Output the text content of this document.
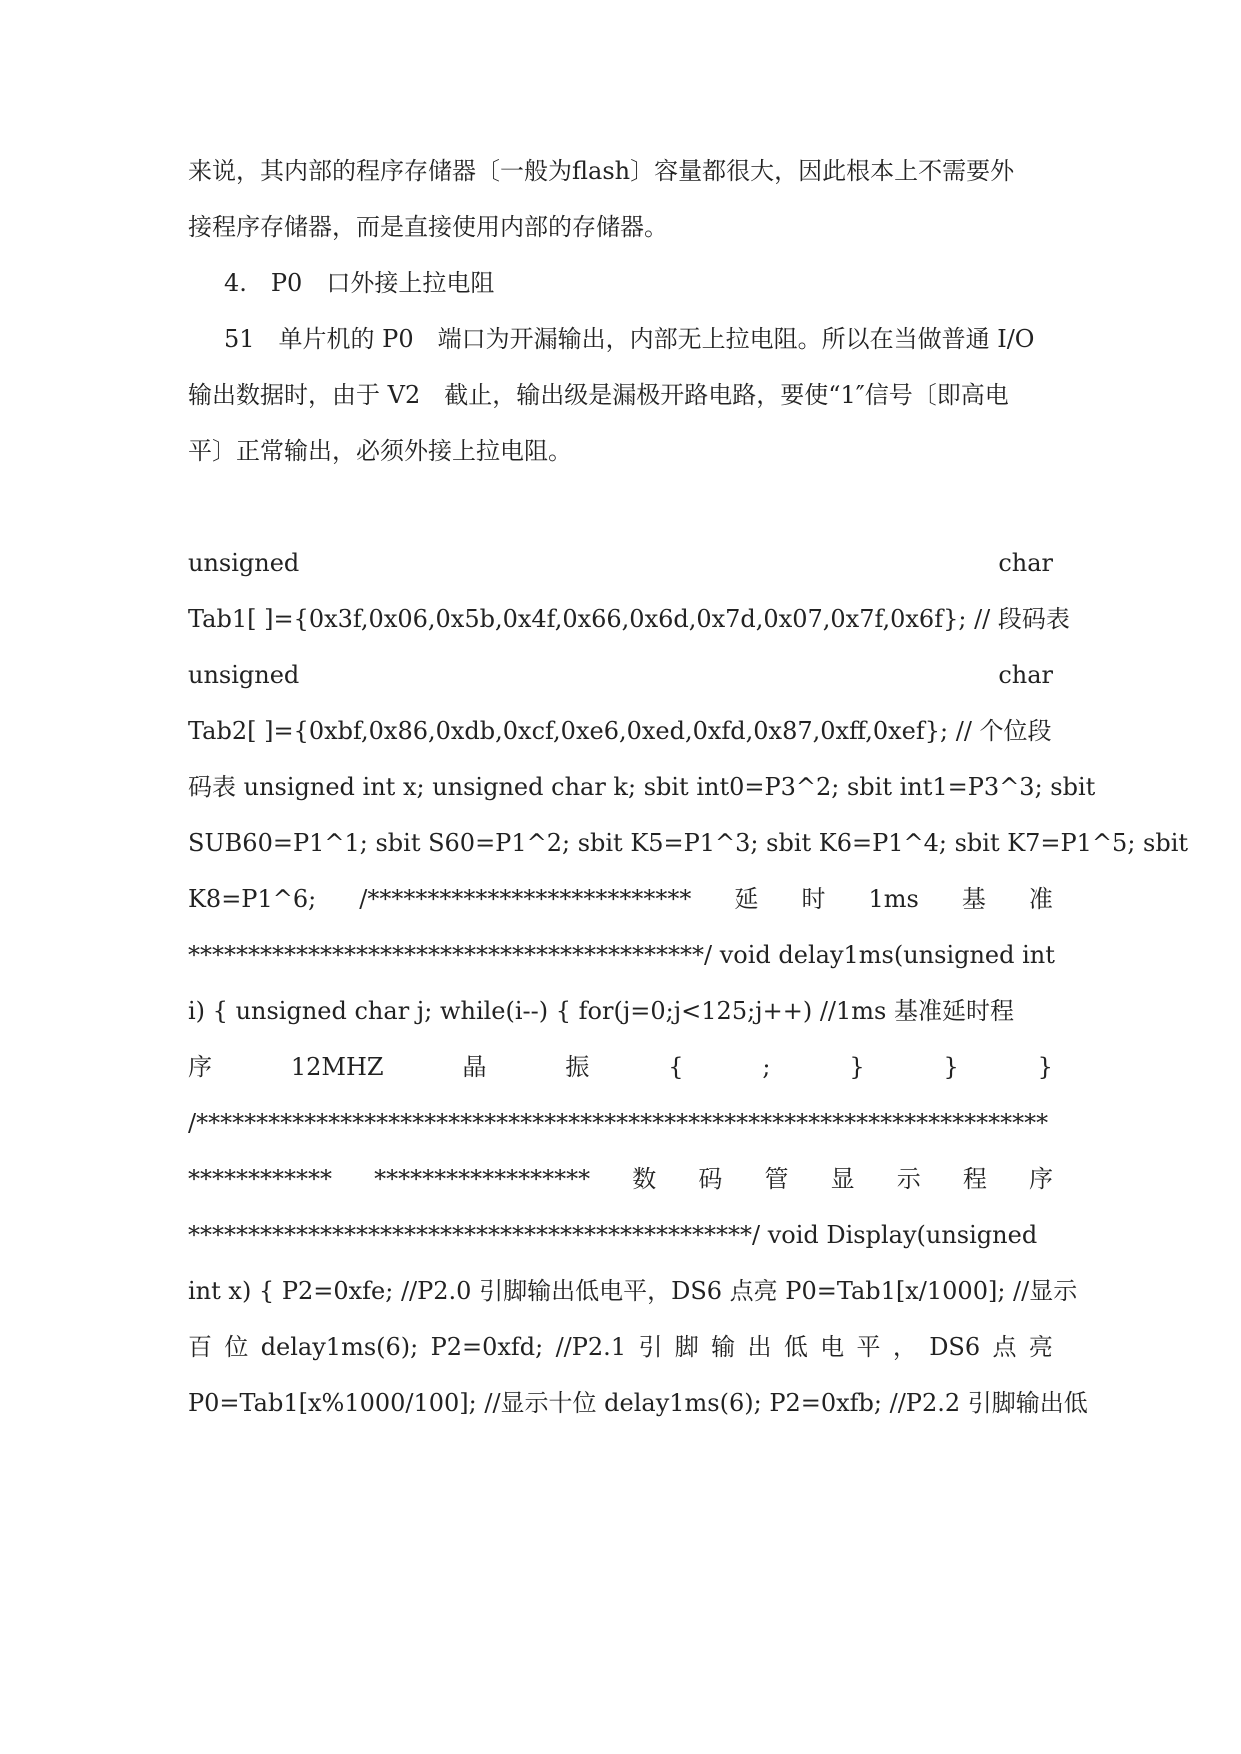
来说，其内部的程序存储器〔一般为flash〕容量都很大，因此根本上不需要外
接程序存储器，而是直接使用内部的存储器。
4.　P0　口外接上拉电阻
51　单片机的 P0　端口为开漏输出，内部无上拉电阻。所以在当做普通 I/O
输出数据时，由于 V2　截止，输出级是漏极开路电路，要使“1″信号〔即高电
平〕正常输出，必须外接上拉电阻。
unsigned	char
Tab1[ ]={0x3f,0x06,0x5b,0x4f,0x66,0x6d,0x7d,0x07,0x7f,0x6f}; // 段码表
unsigned	char
Tab2[ ]={0xbf,0x86,0xdb,0xcf,0xe6,0xed,0xfd,0x87,0xff,0xef}; // 个位段
码表 unsigned int x; unsigned char k; sbit int0=P3^2; sbit int1=P3^3; sbit
SUB60=P1^1; sbit S60=P1^2; sbit K5=P1^3; sbit K6=P1^4; sbit K7=P1^5; sbit
K8=P1^6; /*************************** 延 时 1ms 基 准
*******************************************/ void delay1ms(unsigned int
i) { unsigned char j; while(i--) { for(j=0;j<125;j++) //1ms 基准延时程
序	12MHZ	晶	振	{	;	}	}	}
/***********************************************************************
************ ****************** 数 码 管 显 示 程 序
***********************************************/ void Display(unsigned
int x) { P2=0xfe; //P2.0 引脚输出低电平，DS6 点亮 P0=Tab1[x/1000]; //显示
百 位 delay1ms(6); P2=0xfd; //P2.1 引 脚 输 出 低 电 平 ， DS6 点 亮
P0=Tab1[x%1000/100]; //显示十位 delay1ms(6); P2=0xfb; //P2.2 引脚输出低
